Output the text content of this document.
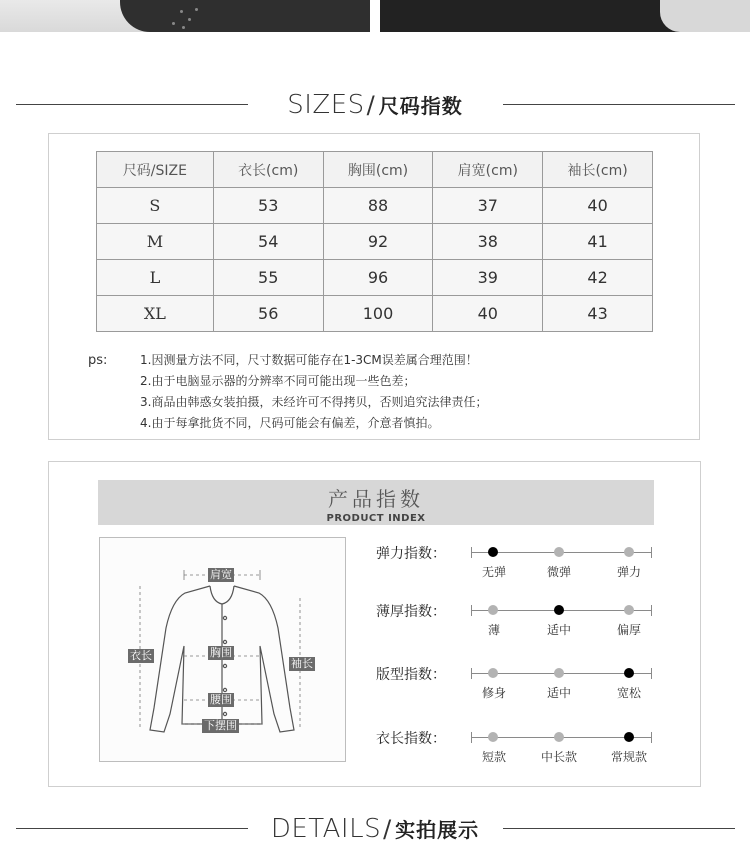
SIZES/ 尺码指数
尺码/SIZE	衣长(cm)	胸围(cm)	肩宽(cm)	袖长(cm)
S	53	88	37	40
M	54	92	38	41
L	55	96	39	42
XL	56	100	40	43
ps:	1.因测量方法不同，尺寸数据可能存在1-3CM误差属合理范围！
2.由于电脑显示器的分辨率不同可能出现一些色差；
3.商品由韩惑女装拍摄，未经许可不得拷贝，否则追究法律责任；
4.由于每拿批货不同，尺码可能会有偏差，介意者慎拍。
产品指数
PRODUCT INDEX
肩宽
衣长	胸围
袖长
腰围
下摆围
弹力指数：
无弹	微弹	弹力
薄厚指数：
薄	适中	偏厚
版型指数：
修身	适中	宽松
衣长指数：
短款	中长款	常规款
DETAILS/ 实拍展示
